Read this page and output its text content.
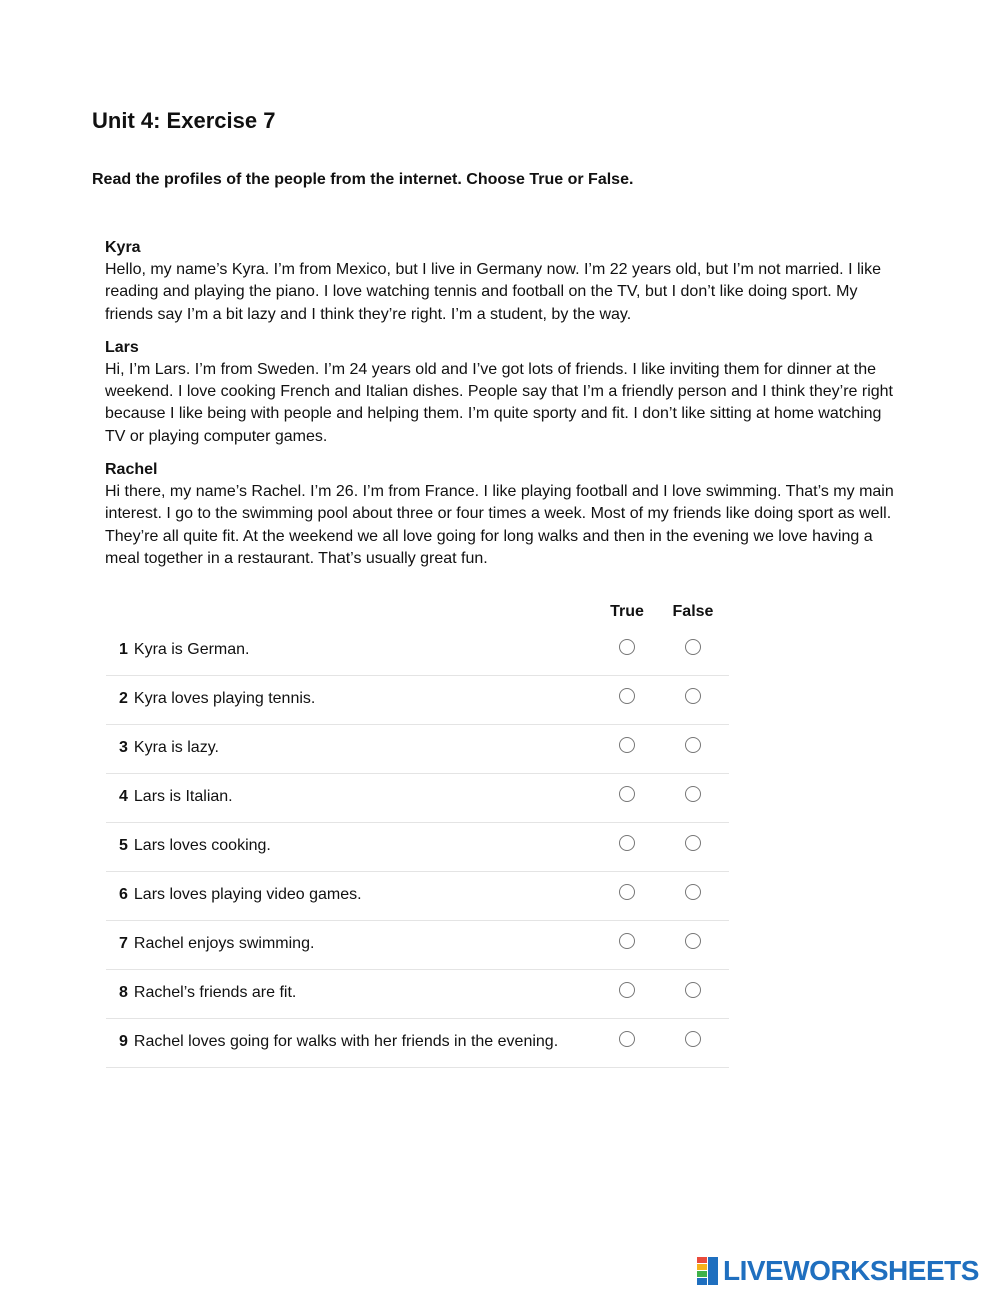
Unit 4: Exercise 7
Read the profiles of the people from the internet. Choose True or False.
Kyra

Hello, my name’s Kyra. I’m from Mexico, but I live in Germany now. I’m 22 years old, but I’m not married. I like reading and playing the piano. I love watching tennis and football on the TV, but I don’t like doing sport. My friends say I’m a bit lazy and I think they’re right. I’m a student, by the way.

Lars

Hi, I’m Lars. I’m from Sweden. I’m 24 years old and I’ve got lots of friends. I like inviting them for dinner at the weekend. I love cooking French and Italian dishes. People say that I’m a friendly person and I think they’re right because I like being with people and helping them. I’m quite sporty and fit. I don’t like sitting at home watching TV or playing computer games.

Rachel

Hi there, my name’s Rachel. I’m 26. I’m from France. I like playing football and I love swimming. That’s my main interest. I go to the swimming pool about three or four times a week. Most of my friends like doing sport as well. They’re all quite fit. At the weekend we all love going for long walks and then in the evening we love having a meal together in a restaurant. That’s usually great fun.

True	False
1 Kyra is German.
2 Kyra loves playing tennis.
3 Kyra is lazy.
4 Lars is Italian.
5 Lars loves cooking.
6 Lars loves playing video games.
7 Rachel enjoys swimming.
8 Rachel’s friends are fit.
9 Rachel loves going for walks with her friends in the evening.
LIVEWORKSHEETS
